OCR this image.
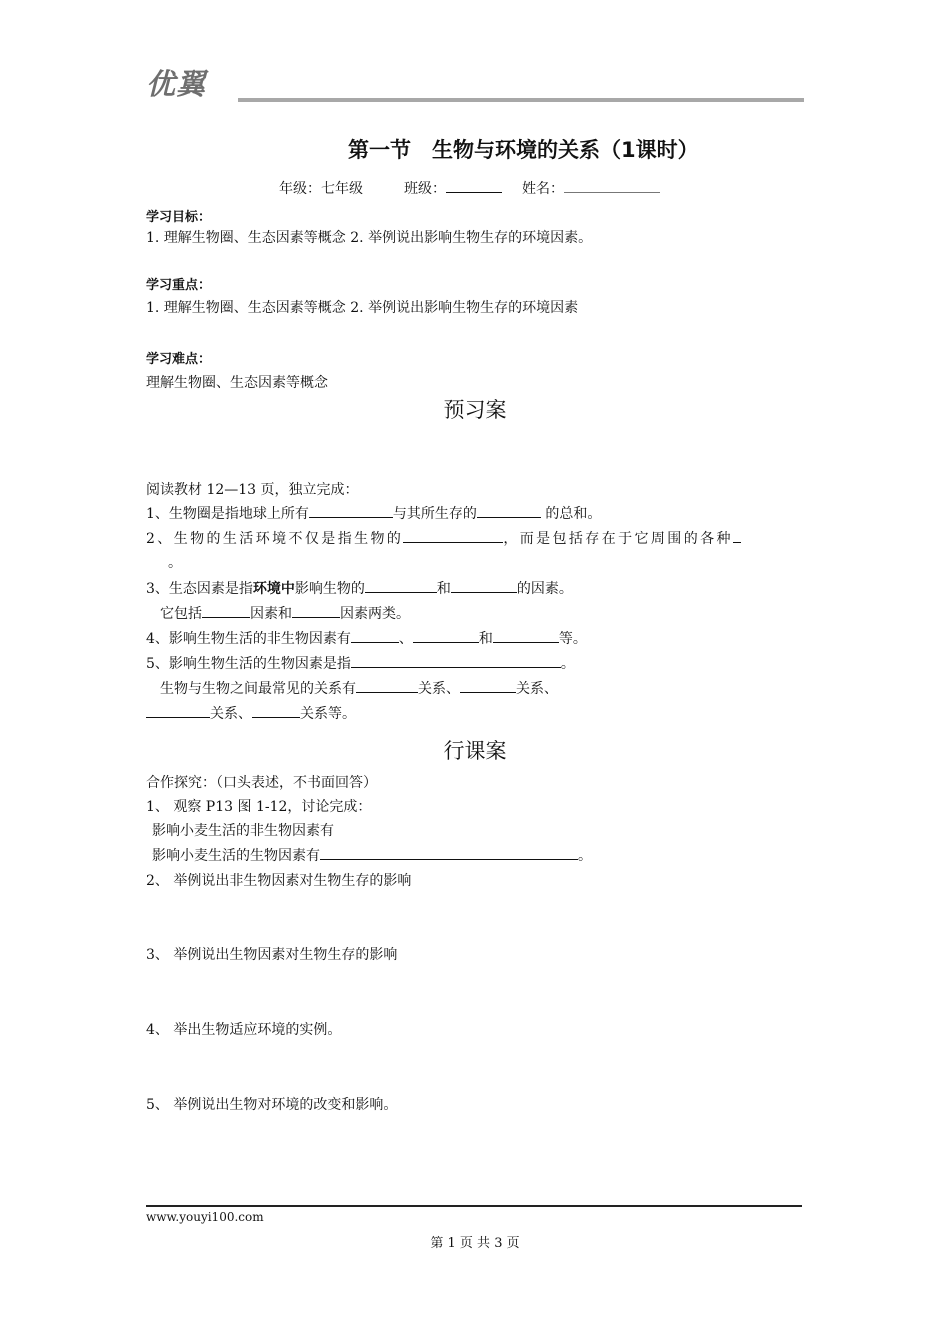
优翼
第一节　生物与环境的关系（1课时）
年级：七年级	班级：	姓名：
学习目标：
1. 理解生物圈、生态因素等概念 2. 举例说出影响生物生存的环境因素。
学习重点：
1. 理解生物圈、生态因素等概念 2. 举例说出影响生物生存的环境因素
学习难点：
理解生物圈、生态因素等概念
预习案
阅读教材 12—13 页，独立完成：
1、生物圈是指地球上所有	与其所生存的	的总和。
2、生物的生活环境不仅是指生物的	，而是包括存在于它周围的各种
。
3、生态因素是指环境中影响生物的	和	的因素。
它包括	因素和	因素两类。
4、影响生物生活的非生物因素有	、	和	等。
5、影响生物生活的生物因素是指	。
生物与生物之间最常见的关系有	关系、	关系、
关系、	关系等。
行课案
合作探究：（口头表述，不书面回答）
1、 观察 P13 图 1-12，讨论完成：
影响小麦生活的非生物因素有
影响小麦生活的生物因素有	。
2、 举例说出非生物因素对生物生存的影响
3、 举例说出生物因素对生物生存的影响
4、 举出生物适应环境的实例。
5、 举例说出生物对环境的改变和影响。
www.youyi100.com
第 1 页 共 3 页
